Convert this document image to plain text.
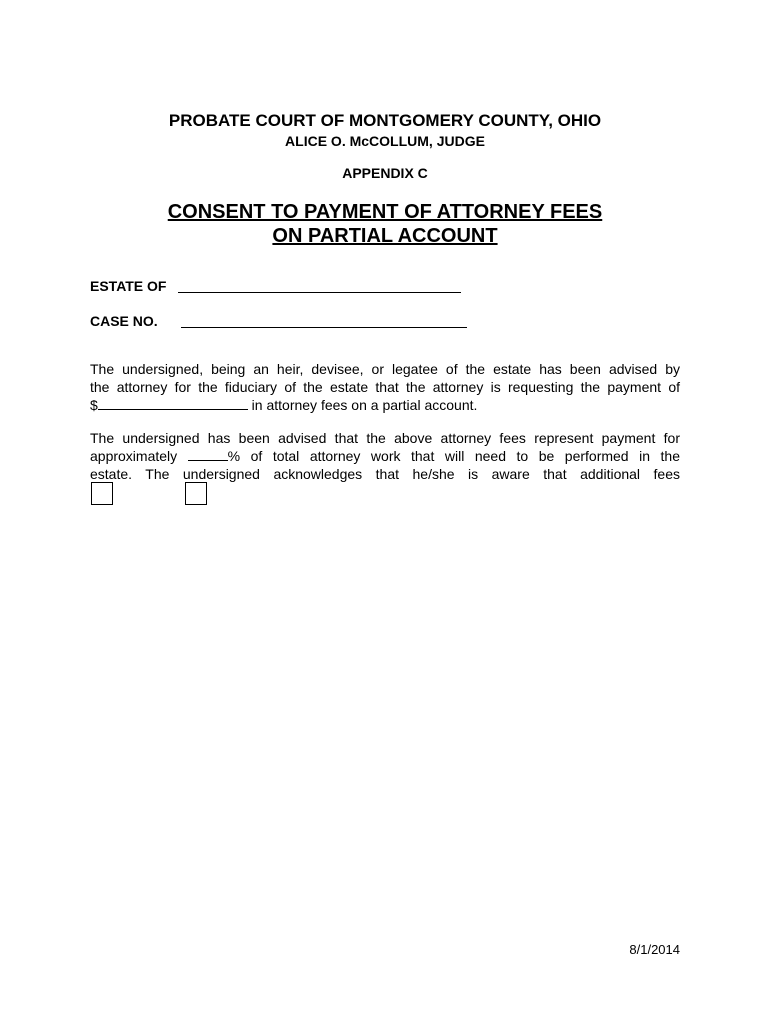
PROBATE COURT OF MONTGOMERY COUNTY, OHIO
ALICE O. McCOLLUM, JUDGE
APPENDIX C
CONSENT TO PAYMENT OF ATTORNEY FEES
ON PARTIAL ACCOUNT
ESTATE OF
CASE NO.
The undersigned, being an heir, devisee, or legatee of the estate has been advised by
the attorney for the fiduciary of the estate that the attorney is requesting the payment of
$	in attorney fees on a partial account.
The undersigned has been advised that the above attorney fees represent payment for
approximately	% of total attorney work that will need to be performed in the
estate. The undersigned acknowledges that he/she is aware that additional fees
8/1/2014
